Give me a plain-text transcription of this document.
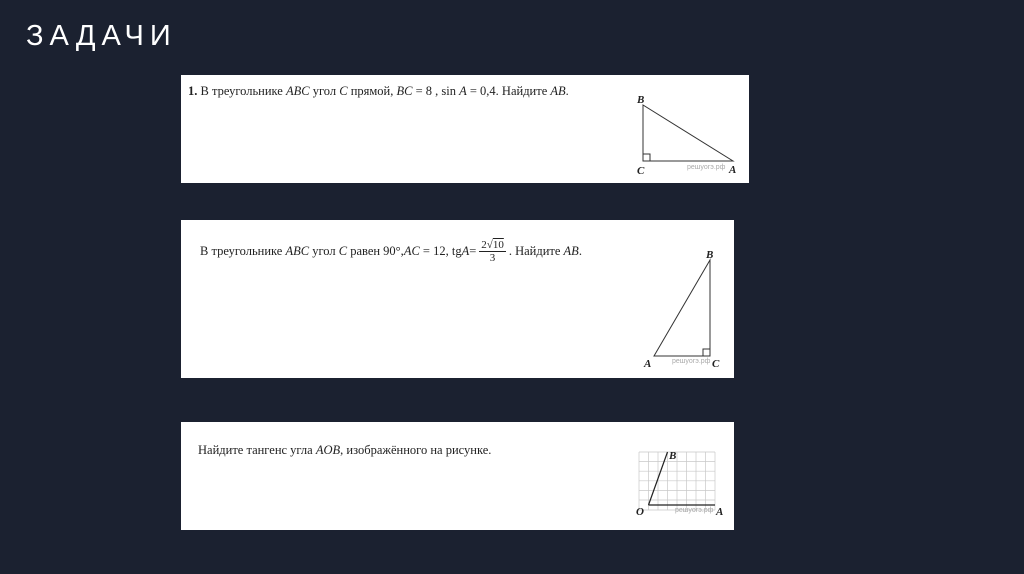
ЗАДАЧИ
1. В треугольнике ABC угол C прямой, BC = 8 , sin A = 0,4. Найдите AB.
B
C	A
решуогэ.рф
В треугольнике
ABC
угол
C
равен 90°, AC
= 12, tg $A = \frac{2√10}{3}$ . Найдите
AB .	B
A	C
решуогэ.рф
Найдите тангенс угла AOB, изображённого на рисунке.	B
O	A
решуогэ.рф
